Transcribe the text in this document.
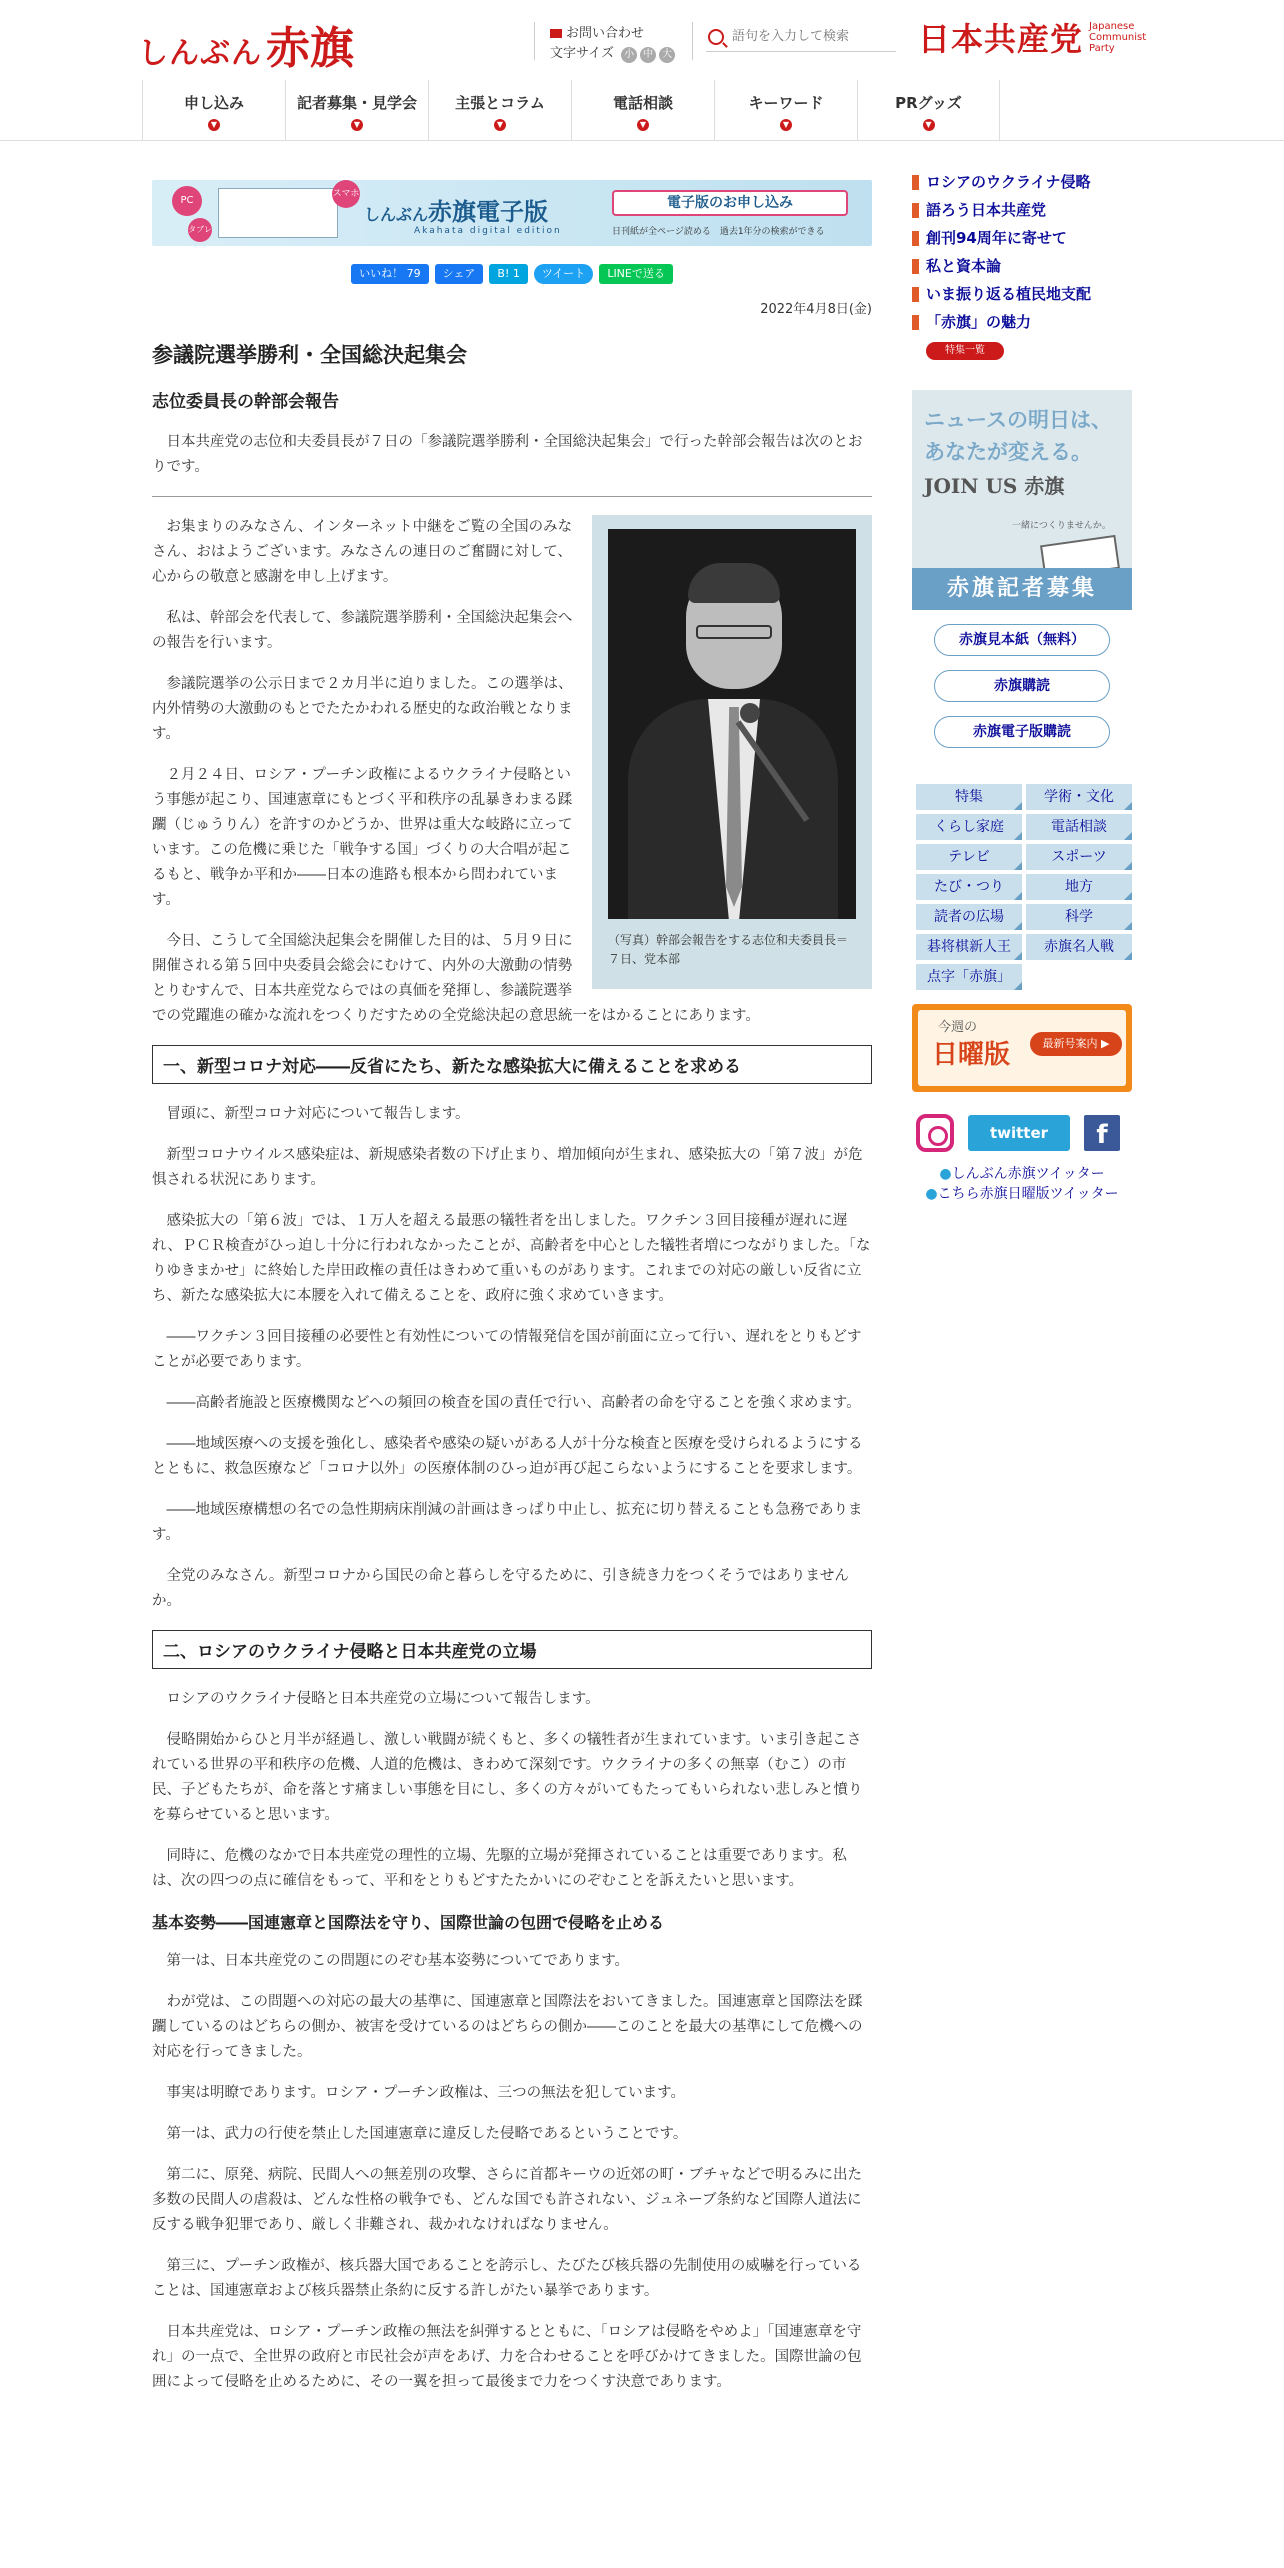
しんぶん赤旗	お問い合わせ
文字サイズ 小 中 大
語句を入力して検索	日本共産党 Japanese
Communist
Party
申し込み
▼
記者募集・見学会
▼
主張とコラム
▼
電話相談
▼
キーワード
▼
PRグッズ
▼
PC
タブレット
スマホ
しんぶん赤旗電子版
Akahata digital edition
電子版のお申し込み
日刊紙が全ページ読める　過去1年分の検索ができる
いいね！ 79	シェア	B! 1	ツイート	LINEで送る
2022年4月8日(金)
参議院選挙勝利・全国総決起集会
志位委員長の幹部会報告

日本共産党の志位和夫委員長が７日の「参議院選挙勝利・全国総決起集会」で行った幹部会報告は次のとおりです。

（写真）幹部会報告をする志位和夫委員長＝７日、党本部

お集まりのみなさん、インターネット中継をご覧の全国のみなさん、おはようございます。みなさんの連日のご奮闘に対して、心からの敬意と感謝を申し上げます。

私は、幹部会を代表して、参議院選挙勝利・全国総決起集会への報告を行います。

参議院選挙の公示日まで２カ月半に迫りました。この選挙は、内外情勢の大激動のもとでたたかわれる歴史的な政治戦となります。

２月２４日、ロシア・プーチン政権によるウクライナ侵略という事態が起こり、国連憲章にもとづく平和秩序の乱暴きわまる蹂躙（じゅうりん）を許すのかどうか、世界は重大な岐路に立っています。この危機に乗じた「戦争する国」づくりの大合唱が起こるもと、戦争か平和か――日本の進路も根本から問われています。

今日、こうして全国総決起集会を開催した目的は、５月９日に開催される第５回中央委員会総会にむけて、内外の大激動の情勢とりむすんで、日本共産党ならではの真価を発揮し、参議院選挙での党躍進の確かな流れをつくりだすための全党総決起の意思統一をはかることにあります。

一、新型コロナ対応――反省にたち、新たな感染拡大に備えることを求める

冒頭に、新型コロナ対応について報告します。

新型コロナウイルス感染症は、新規感染者数の下げ止まり、増加傾向が生まれ、感染拡大の「第７波」が危惧される状況にあります。

感染拡大の「第６波」では、１万人を超える最悪の犠牲者を出しました。ワクチン３回目接種が遅れに遅れ、ＰＣＲ検査がひっ迫し十分に行われなかったことが、高齢者を中心とした犠牲者増につながりました。「なりゆきまかせ」に終始した岸田政権の責任はきわめて重いものがあります。これまでの対応の厳しい反省に立ち、新たな感染拡大に本腰を入れて備えることを、政府に強く求めていきます。

――ワクチン３回目接種の必要性と有効性についての情報発信を国が前面に立って行い、遅れをとりもどすことが必要であります。

――高齢者施設と医療機関などへの頻回の検査を国の責任で行い、高齢者の命を守ることを強く求めます。

――地域医療への支援を強化し、感染者や感染の疑いがある人が十分な検査と医療を受けられるようにするとともに、救急医療など「コロナ以外」の医療体制のひっ迫が再び起こらないようにすることを要求します。

――地域医療構想の名での急性期病床削減の計画はきっぱり中止し、拡充に切り替えることも急務であります。

全党のみなさん。新型コロナから国民の命と暮らしを守るために、引き続き力をつくそうではありませんか。

二、ロシアのウクライナ侵略と日本共産党の立場

ロシアのウクライナ侵略と日本共産党の立場について報告します。

侵略開始からひと月半が経過し、激しい戦闘が続くもと、多くの犠牲者が生まれています。いま引き起こされている世界の平和秩序の危機、人道的危機は、きわめて深刻です。ウクライナの多くの無辜（むこ）の市民、子どもたちが、命を落とす痛ましい事態を目にし、多くの方々がいてもたってもいられない悲しみと憤りを募らせていると思います。

同時に、危機のなかで日本共産党の理性的立場、先駆的立場が発揮されていることは重要であります。私は、次の四つの点に確信をもって、平和をとりもどすたたかいにのぞむことを訴えたいと思います。

基本姿勢――国連憲章と国際法を守り、国際世論の包囲で侵略を止める

第一は、日本共産党のこの問題にのぞむ基本姿勢についてであります。

わが党は、この問題への対応の最大の基準に、国連憲章と国際法をおいてきました。国連憲章と国際法を蹂躙しているのはどちらの側か、被害を受けているのはどちらの側か――このことを最大の基準にして危機への対応を行ってきました。

事実は明瞭であります。ロシア・プーチン政権は、三つの無法を犯しています。

第一は、武力の行使を禁止した国連憲章に違反した侵略であるということです。

第二に、原発、病院、民間人への無差別の攻撃、さらに首都キーウの近郊の町・ブチャなどで明るみに出た多数の民間人の虐殺は、どんな性格の戦争でも、どんな国でも許されない、ジュネーブ条約など国際人道法に反する戦争犯罪であり、厳しく非難され、裁かれなければなりません。

第三に、プーチン政権が、核兵器大国であることを誇示し、たびたび核兵器の先制使用の威嚇を行っていることは、国連憲章および核兵器禁止条約に反する許しがたい暴挙であります。

日本共産党は、ロシア・プーチン政権の無法を糾弾するとともに、「ロシアは侵略をやめよ」「国連憲章を守れ」の一点で、全世界の政府と市民社会が声をあげ、力を合わせることを呼びかけてきました。国際世論の包囲によって侵略を止めるために、その一翼を担って最後まで力をつくす決意であります。

ロシアのウクライナ侵略
語ろう日本共産党
創刊94周年に寄せて
私と資本論
いま振り返る植民地支配
「赤旗」の魅力
特集一覧
ニュースの明日は、
あなたが変える。
JOIN US 赤旗
一緒につくりませんか。
赤旗記者募集
赤旗見本紙（無料）
赤旗購読
赤旗電子版購読
特集	学術・文化
くらし家庭	電話相談
テレビ	スポーツ
たび・つり	地方
読者の広場	科学
碁将棋新人王	赤旗名人戦
点字「赤旗」
今週の
日曜版	最新号案内 ▶
twitter	f
●しんぶん赤旗ツイッター
●こちら赤旗日曜版ツイッター
